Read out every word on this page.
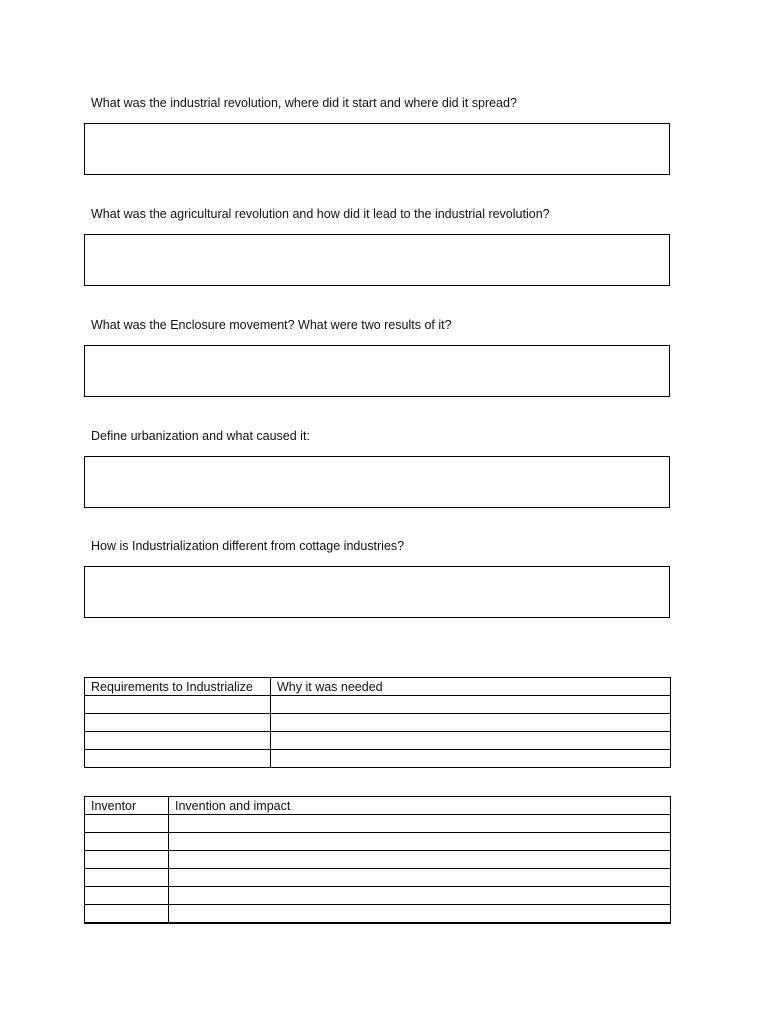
What was the industrial revolution, where did it start and where did it spread?
What was the agricultural revolution and how did it lead to the industrial revolution?
What was the Enclosure movement? What were two results of it?
Define urbanization and what caused it:
How is Industrialization different from cottage industries?
Requirements to Industrialize	Why it was needed

Inventor	Invention and impact
